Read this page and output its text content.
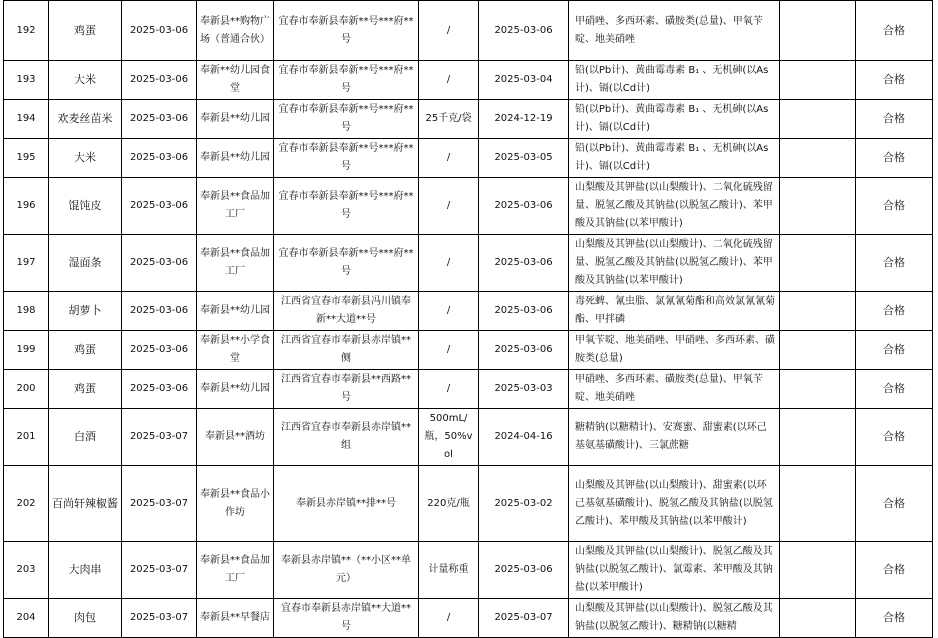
192	鸡蛋	2025-03-06	奉新县**购物广场（普通合伙）	宜春市奉新县奉新**号***府**号	/	2025-03-06	甲硝唑、多西环素、磺胺类(总量)、甲氧苄啶、地美硝唑		合格
193	大米	2025-03-06	奉新**幼儿园食堂	宜春市奉新县奉新**号***府**号	/	2025-03-04	铅(以Pb计)、黄曲霉毒素 B₁ 、无机砷(以As计)、镉(以Cd计)		合格
194	欢麦丝苗米	2025-03-06	奉新县**幼儿园	宜春市奉新县奉新**号***府**号	25千克/袋	2024-12-19	铅(以Pb计)、黄曲霉毒素 B₁ 、无机砷(以As计)、镉(以Cd计)		合格
195	大米	2025-03-06	奉新县**幼儿园	宜春市奉新县奉新**号***府**号	/	2025-03-05	铅(以Pb计)、黄曲霉毒素 B₁ 、无机砷(以As计)、镉(以Cd计)		合格
196	馄饨皮	2025-03-06	奉新县**食品加工厂	宜春市奉新县奉新**号***府**号	/	2025-03-06	山梨酸及其钾盐(以山梨酸计)、二氧化硫残留量、脱氢乙酸及其钠盐(以脱氢乙酸计)、苯甲酸及其钠盐(以苯甲酸计)		合格
197	湿面条	2025-03-06	奉新县**食品加工厂	宜春市奉新县奉新**号***府**号	/	2025-03-06	山梨酸及其钾盐(以山梨酸计)、二氧化硫残留量、脱氢乙酸及其钠盐(以脱氢乙酸计)、苯甲酸及其钠盐(以苯甲酸计)		合格
198	胡萝卜	2025-03-06	奉新县**幼儿园	江西省宜春市奉新县冯川镇奉新**大道**号	/	2025-03-06	毒死蜱、氰虫脂、氯氰氰菊酯和高效氯氰氰菊酯、甲拌磷		合格
199	鸡蛋	2025-03-06	奉新县**小学食堂	江西省宜春市奉新县赤岸镇**侧	/	2025-03-06	甲氧苄啶、地美硝唑、甲硝唑、多西环素、磺胺类(总量)		合格
200	鸡蛋	2025-03-06	奉新县**幼儿园	江西省宜春市奉新县**西路**号	/	2025-03-03	甲硝唑、多西环素、磺胺类(总量)、甲氧苄啶、地美硝唑		合格
201	白酒	2025-03-07	奉新县**酒坊	江西省宜春市奉新县赤岸镇**组	500mL/瓶，50%vol	2024-04-16	糖精钠(以糖精计)、安赛蜜、甜蜜素(以环己基氨基磺酸计)、三氯蔗糖		合格
202	百尚轩辣椒酱	2025-03-07	奉新县**食品小作坊	奉新县赤岸镇**排**号	220克/瓶	2025-03-02	山梨酸及其钾盐(以山梨酸计)、甜蜜素(以环己基氨基磺酸计)、脱氢乙酸及其钠盐(以脱氢乙酸计)、苯甲酸及其钠盐(以苯甲酸计)		合格
203	大肉串	2025-03-07	奉新县**食品加工厂	奉新县赤岸镇**（**小区**单元）	计量称重	2025-03-06	山梨酸及其钾盐(以山梨酸计)、脱氢乙酸及其钠盐(以脱氢乙酸计)、氯霉素、苯甲酸及其钠盐(以苯甲酸计)		合格
204	肉包	2025-03-07	奉新县**早餐店	宜春市奉新县赤岸镇**大道**号	/	2025-03-07	山梨酸及其钾盐(以山梨酸计)、脱氢乙酸及其钠盐(以脱氢乙酸计)、糖精钠(以糖精		合格
